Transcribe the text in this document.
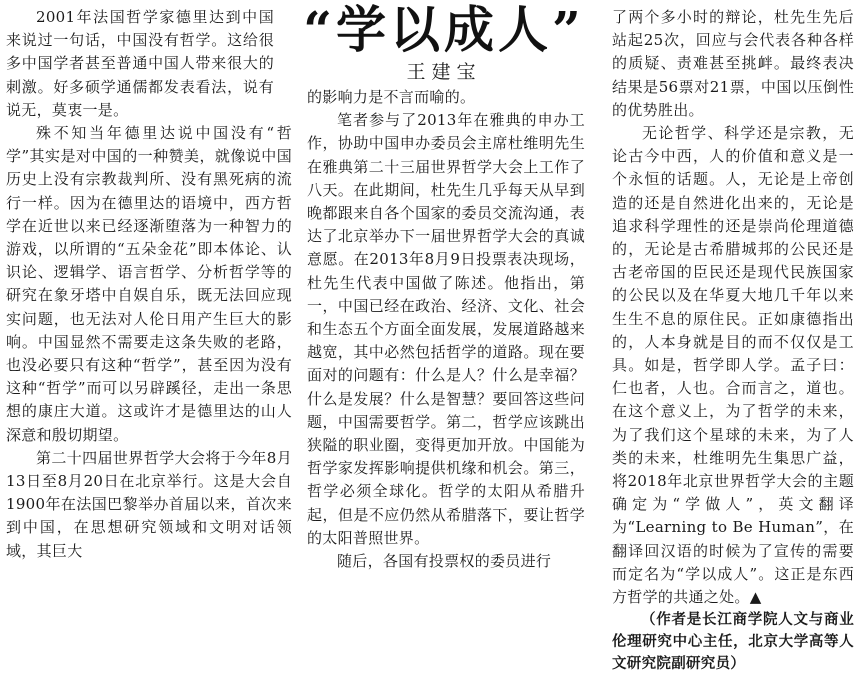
“学以成人”
王建宝

2001年法国哲学家德里达到中国来说过一句话，中国没有哲学。这给很多中国学者甚至普通中国人带来很大的刺激。好多硕学通儒都发表看法，说有说无，莫衷一是。

殊不知当年德里达说中国没有“哲学”其实是对中国的一种赞美，就像说中国历史上没有宗教裁判所、没有黑死病的流行一样。因为在德里达的语境中，西方哲学在近世以来已经逐渐堕落为一种智力的游戏，以所谓的“五朵金花”即本体论、认识论、逻辑学、语言哲学、分析哲学等的研究在象牙塔中自娱自乐，既无法回应现实问题，也无法对人伦日用产生巨大的影响。中国显然不需要走这条失败的老路，也没必要只有这种“哲学”，甚至因为没有这种“哲学”而可以另辟蹊径，走出一条思想的康庄大道。这或许才是德里达的山人深意和殷切期望。

第二十四届世界哲学大会将于今年8月13日至8月20日在北京举行。这是大会自1900年在法国巴黎举办首届以来，首次来到中国，在思想研究领域和文明对话领域，其巨大

的影响力是不言而喻的。

笔者参与了2013年在雅典的申办工作，协助中国申办委员会主席杜维明先生在雅典第二十三届世界哲学大会上工作了八天。在此期间，杜先生几乎每天从早到晚都跟来自各个国家的委员交流沟通，表达了北京举办下一届世界哲学大会的真诚意愿。在2013年8月9日投票表决现场，杜先生代表中国做了陈述。他指出，第一，中国已经在政治、经济、文化、社会和生态五个方面全面发展，发展道路越来越宽，其中必然包括哲学的道路。现在要面对的问题有：什么是人？什么是幸福？什么是发展？什么是智慧？要回答这些问题，中国需要哲学。第二，哲学应该跳出狭隘的职业圈，变得更加开放。中国能为哲学家发挥影响提供机缘和机会。第三，哲学必须全球化。哲学的太阳从希腊升起，但是不应仍然从希腊落下，要让哲学的太阳普照世界。

随后，各国有投票权的委员进行

了两个多小时的辩论，杜先生先后站起25次，回应与会代表各种各样的质疑、责难甚至挑衅。最终表决结果是56票对21票，中国以压倒性的优势胜出。

无论哲学、科学还是宗教，无论古今中西，人的价值和意义是一个永恒的话题。人，无论是上帝创造的还是自然进化出来的，无论是追求科学理性的还是崇尚伦理道德的，无论是古希腊城邦的公民还是古老帝国的臣民还是现代民族国家的公民以及在华夏大地几千年以来生生不息的原住民。正如康德指出的，人本身就是目的而不仅仅是工具。如是，哲学即人学。孟子曰：仁也者，人也。合而言之，道也。在这个意义上，为了哲学的未来，为了我们这个星球的未来，为了人类的未来，杜维明先生集思广益，将2018年北京世界哲学大会的主题确定为“学做人”，英文翻译为“Learning to Be Human”，在翻译回汉语的时候为了宣传的需要而定名为“学以成人”。这正是东西方哲学的共通之处。▲

（作者是长江商学院人文与商业伦理研究中心主任，北京大学高等人文研究院副研究员）
